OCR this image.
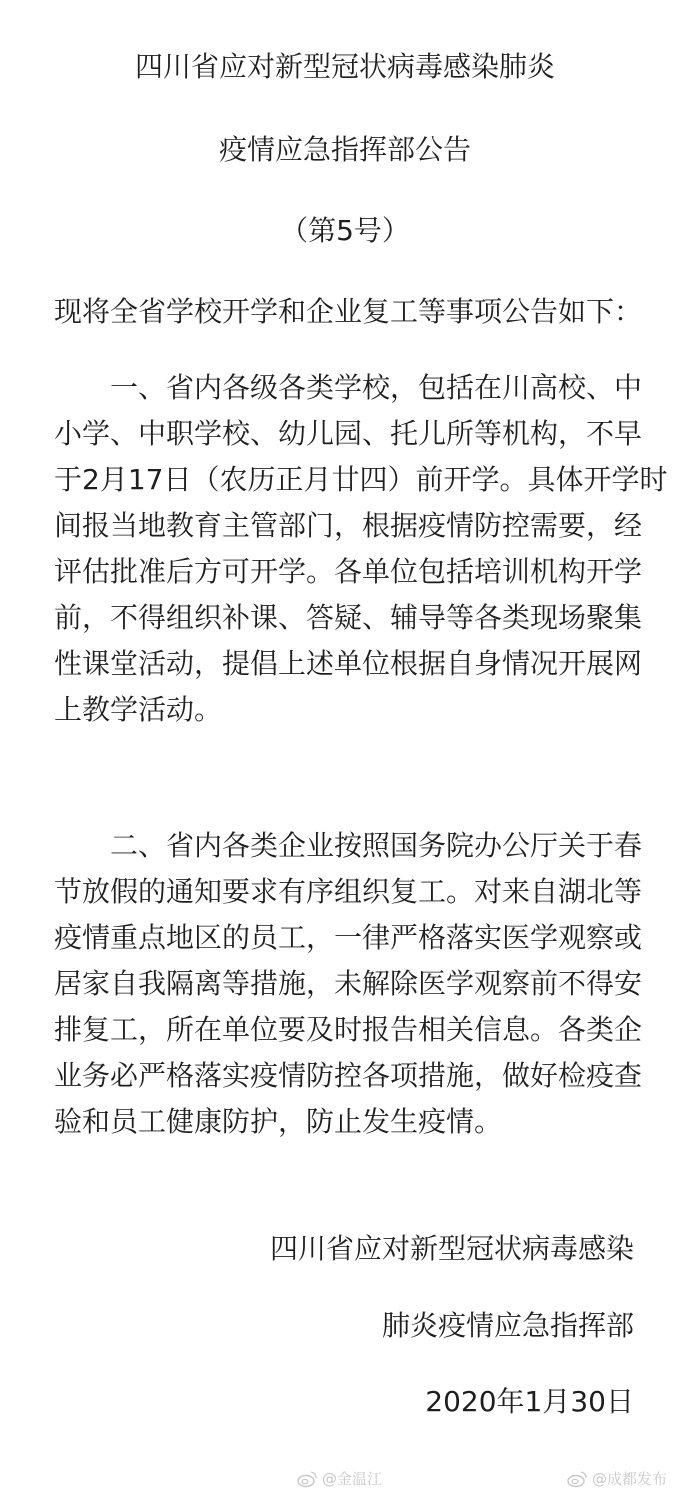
四川省应对新型冠状病毒感染肺炎
疫情应急指挥部公告
（第5号）
现将全省学校开学和企业复工等事项公告如下：
　　一、省内各级各类学校，包括在川高校、中
小学、中职学校、幼儿园、托儿所等机构，不早
于2月17日（农历正月廿四）前开学。具体开学时
间报当地教育主管部门，根据疫情防控需要，经
评估批准后方可开学。各单位包括培训机构开学
前，不得组织补课、答疑、辅导等各类现场聚集
性课堂活动，提倡上述单位根据自身情况开展网
上教学活动。
　　二、省内各类企业按照国务院办公厅关于春
节放假的通知要求有序组织复工。对来自湖北等
疫情重点地区的员工，一律严格落实医学观察或
居家自我隔离等措施，未解除医学观察前不得安
排复工，所在单位要及时报告相关信息。各类企
业务必严格落实疫情防控各项措施，做好检疫查
验和员工健康防护，防止发生疫情。
四川省应对新型冠状病毒感染
肺炎疫情应急指挥部
2020年1月30日
@金温江	@成都发布
